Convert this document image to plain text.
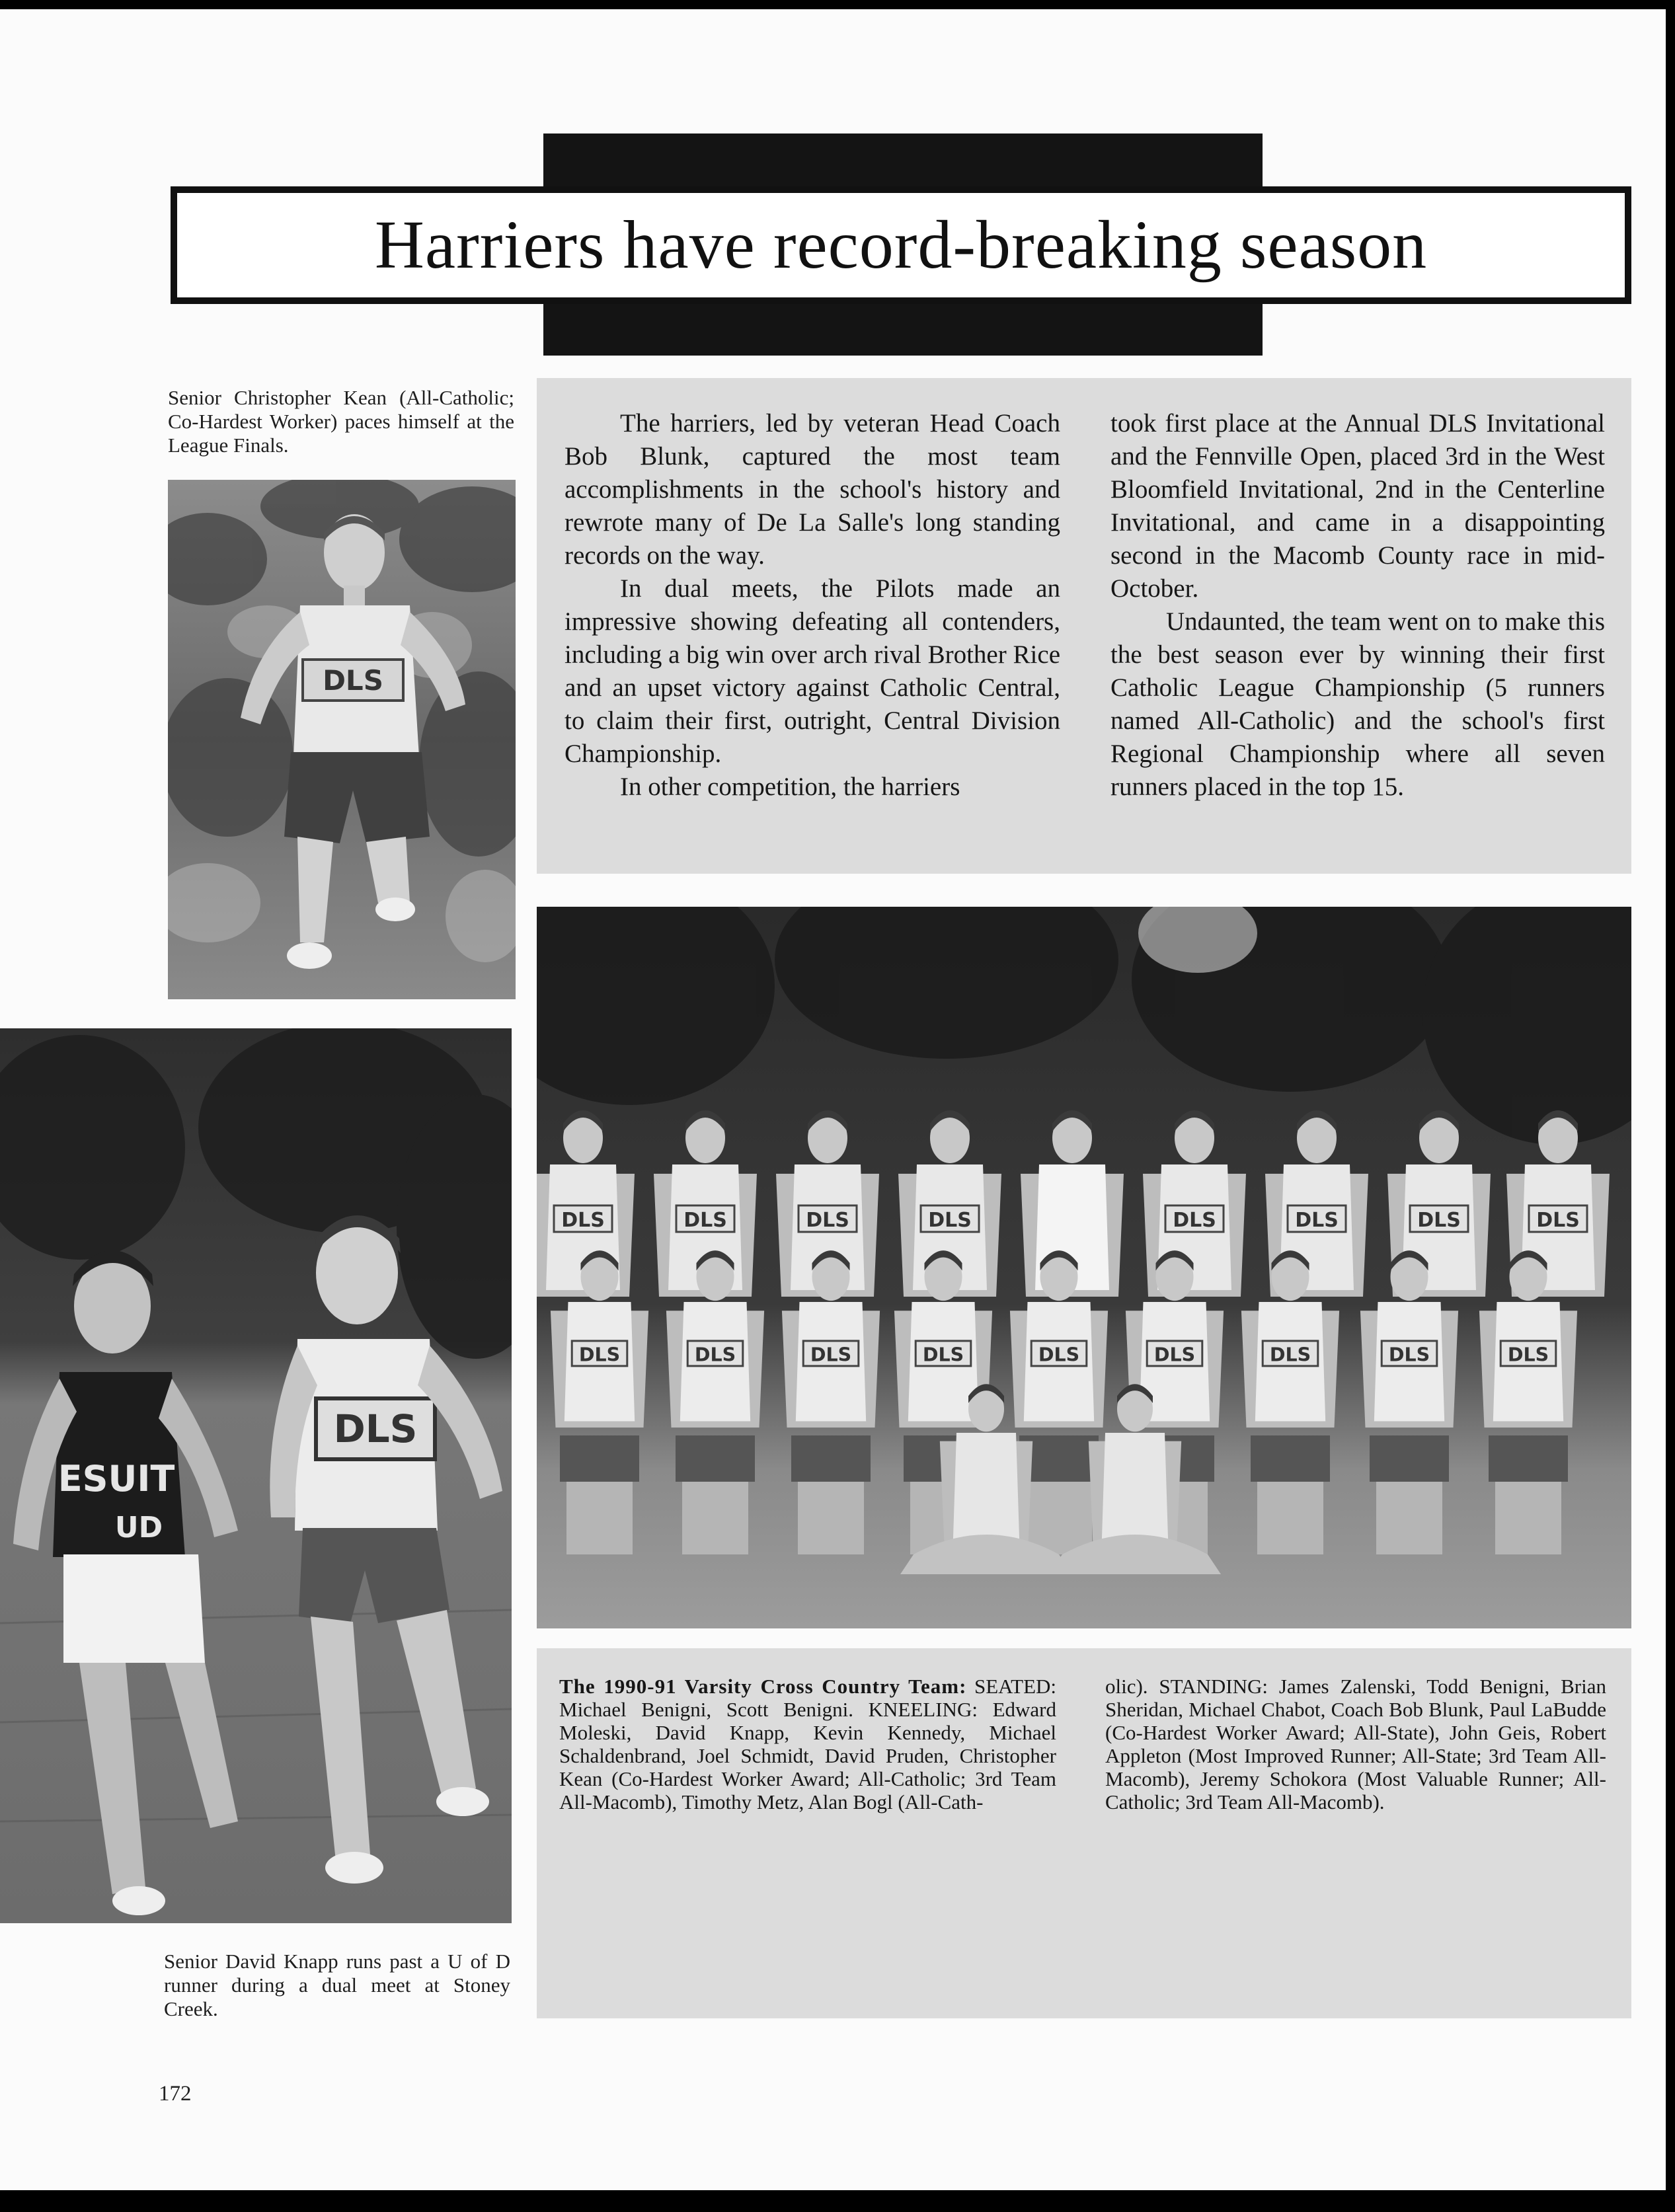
Harriers have record-breaking season
Senior Christopher Kean (All-Catholic; Co-Hardest Worker) paces himself at the League Finals.
DLS
ESUIT
UD
DLS
Senior David Knapp runs past a U of D runner during a dual meet at Stoney Creek.
172

The harriers, led by veteran Head Coach Bob Blunk, captured the most team accomplishments in the school's history and rewrote many of De La Salle's long standing records on the way.

In dual meets, the Pilots made an impressive showing defeating all contenders, including a big win over arch rival Brother Rice and an upset victory against Catholic Central, to claim their first, outright, Central Division Championship.

In other competition, the harriers

took first place at the Annual DLS Invitational and the Fennville Open, placed 3rd in the West Bloomfield Invitational, 2nd in the Centerline Invitational, and came in a disappointing second in the Macomb County race in mid-October.

Undaunted, the team went on to make this the best season ever by winning their first Catholic League Championship (5 runners named All-Catholic) and the school's first Regional Championship where all seven runners placed in the top 15.

DLS	DLS	DLS	DLS	DLS	DLS	DLS	DLS
DLS	DLS	DLS	DLS	DLS	DLS	DLS	DLS	DLS
The 1990-91 Varsity Cross Country Team: SEATED: Michael Benigni, Scott Benigni. KNEELING: Edward Moleski, David Knapp, Kevin Kennedy, Michael Schaldenbrand, Joel Schmidt, David Pruden, Christopher Kean (Co-Hardest Worker Award; All-Catholic; 3rd Team All-Macomb), Timothy Metz, Alan Bogl (All-Cath-
olic). STANDING: James Zalenski, Todd Benigni, Brian Sheridan, Michael Chabot, Coach Bob Blunk, Paul LaBudde (Co-Hardest Worker Award; All-State), John Geis, Robert Appleton (Most Improved Runner; All-State; 3rd Team All-Macomb), Jeremy Schokora (Most Valuable Runner; All-Catholic; 3rd Team All-Macomb).
